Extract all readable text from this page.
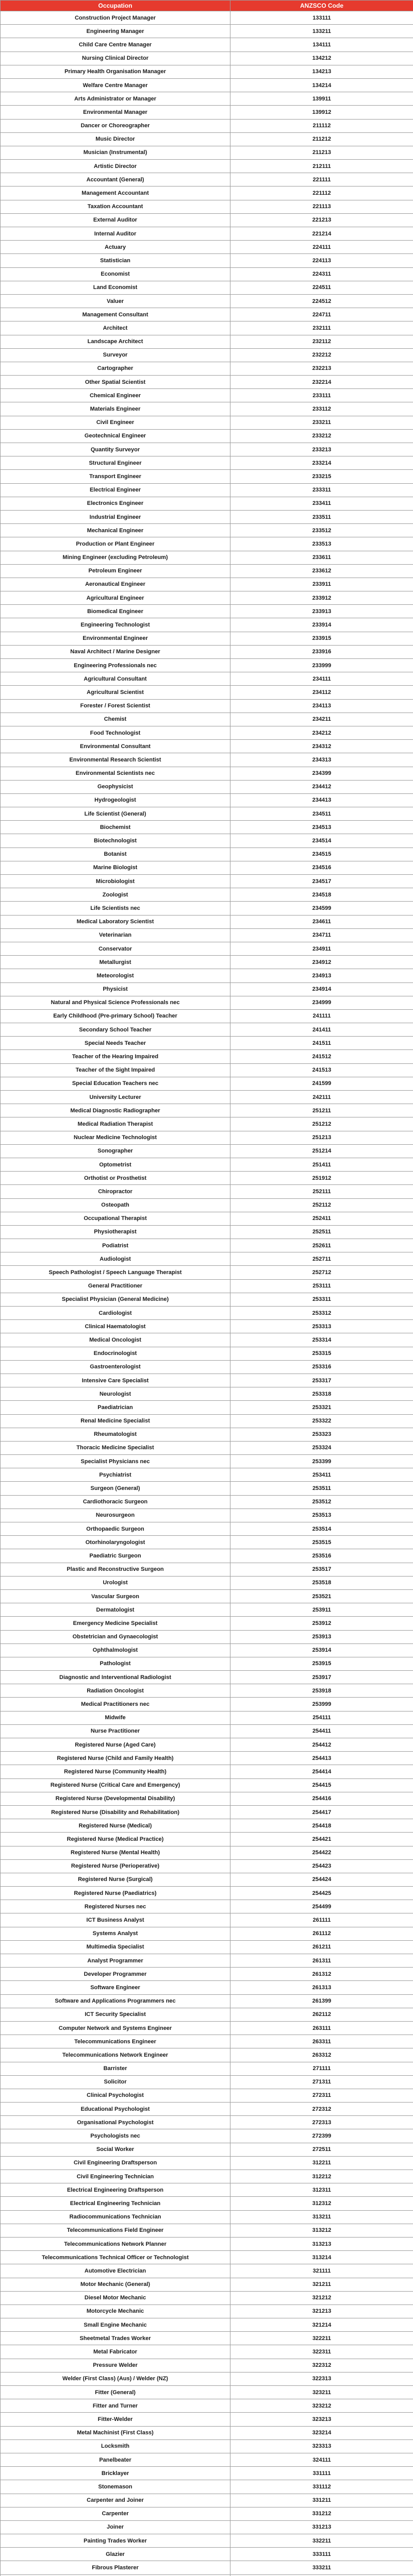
Occupation	ANZSCO Code
Construction Project Manager	133111
Engineering Manager	133211
Child Care Centre Manager	134111
Nursing Clinical Director	134212
Primary Health Organisation Manager	134213
Welfare Centre Manager	134214
Arts Administrator or Manager	139911
Environmental Manager	139912
Dancer or Choreographer	211112
Music Director	211212
Musician (Instrumental)	211213
Artistic Director	212111
Accountant (General)	221111
Management Accountant	221112
Taxation Accountant	221113
External Auditor	221213
Internal Auditor	221214
Actuary	224111
Statistician	224113
Economist	224311
Land Economist	224511
Valuer	224512
Management Consultant	224711
Architect	232111
Landscape Architect	232112
Surveyor	232212
Cartographer	232213
Other Spatial Scientist	232214
Chemical Engineer	233111
Materials Engineer	233112
Civil Engineer	233211
Geotechnical Engineer	233212
Quantity Surveyor	233213
Structural Engineer	233214
Transport Engineer	233215
Electrical Engineer	233311
Electronics Engineer	233411
Industrial Engineer	233511
Mechanical Engineer	233512
Production or Plant Engineer	233513
Mining Engineer (excluding Petroleum)	233611
Petroleum Engineer	233612
Aeronautical Engineer	233911
Agricultural Engineer	233912
Biomedical Engineer	233913
Engineering Technologist	233914
Environmental Engineer	233915
Naval Architect / Marine Designer	233916
Engineering Professionals nec	233999
Agricultural Consultant	234111
Agricultural Scientist	234112
Forester / Forest Scientist	234113
Chemist	234211
Food Technologist	234212
Environmental Consultant	234312
Environmental Research Scientist	234313
Environmental Scientists nec	234399
Geophysicist	234412
Hydrogeologist	234413
Life Scientist (General)	234511
Biochemist	234513
Biotechnologist	234514
Botanist	234515
Marine Biologist	234516
Microbiologist	234517
Zoologist	234518
Life Scientists nec	234599
Medical Laboratory Scientist	234611
Veterinarian	234711
Conservator	234911
Metallurgist	234912
Meteorologist	234913
Physicist	234914
Natural and Physical Science Professionals nec	234999
Early Childhood (Pre-primary School) Teacher	241111
Secondary School Teacher	241411
Special Needs Teacher	241511
Teacher of the Hearing Impaired	241512
Teacher of the Sight Impaired	241513
Special Education Teachers nec	241599
University Lecturer	242111
Medical Diagnostic Radiographer	251211
Medical Radiation Therapist	251212
Nuclear Medicine Technologist	251213
Sonographer	251214
Optometrist	251411
Orthotist or Prosthetist	251912
Chiropractor	252111
Osteopath	252112
Occupational Therapist	252411
Physiotherapist	252511
Podiatrist	252611
Audiologist	252711
Speech Pathologist / Speech Language Therapist	252712
General Practitioner	253111
Specialist Physician (General Medicine)	253311
Cardiologist	253312
Clinical Haematologist	253313
Medical Oncologist	253314
Endocrinologist	253315
Gastroenterologist	253316
Intensive Care Specialist	253317
Neurologist	253318
Paediatrician	253321
Renal Medicine Specialist	253322
Rheumatologist	253323
Thoracic Medicine Specialist	253324
Specialist Physicians nec	253399
Psychiatrist	253411
Surgeon (General)	253511
Cardiothoracic Surgeon	253512
Neurosurgeon	253513
Orthopaedic Surgeon	253514
Otorhinolaryngologist	253515
Paediatric Surgeon	253516
Plastic and Reconstructive Surgeon	253517
Urologist	253518
Vascular Surgeon	253521
Dermatologist	253911
Emergency Medicine Specialist	253912
Obstetrician and Gynaecologist	253913
Ophthalmologist	253914
Pathologist	253915
Diagnostic and Interventional Radiologist	253917
Radiation Oncologist	253918
Medical Practitioners nec	253999
Midwife	254111
Nurse Practitioner	254411
Registered Nurse (Aged Care)	254412
Registered Nurse (Child and Family Health)	254413
Registered Nurse (Community Health)	254414
Registered Nurse (Critical Care and Emergency)	254415
Registered Nurse (Developmental Disability)	254416
Registered Nurse (Disability and Rehabilitation)	254417
Registered Nurse (Medical)	254418
Registered Nurse (Medical Practice)	254421
Registered Nurse (Mental Health)	254422
Registered Nurse (Perioperative)	254423
Registered Nurse (Surgical)	254424
Registered Nurse (Paediatrics)	254425
Registered Nurses nec	254499
ICT Business Analyst	261111
Systems Analyst	261112
Multimedia Specialist	261211
Analyst Programmer	261311
Developer Programmer	261312
Software Engineer	261313
Software and Applications Programmers nec	261399
ICT Security Specialist	262112
Computer Network and Systems Engineer	263111
Telecommunications Engineer	263311
Telecommunications Network Engineer	263312
Barrister	271111
Solicitor	271311
Clinical Psychologist	272311
Educational Psychologist	272312
Organisational Psychologist	272313
Psychologists nec	272399
Social Worker	272511
Civil Engineering Draftsperson	312211
Civil Engineering Technician	312212
Electrical Engineering Draftsperson	312311
Electrical Engineering Technician	312312
Radiocommunications Technician	313211
Telecommunications Field Engineer	313212
Telecommunications Network Planner	313213
Telecommunications Technical Officer or Technologist	313214
Automotive Electrician	321111
Motor Mechanic (General)	321211
Diesel Motor Mechanic	321212
Motorcycle Mechanic	321213
Small Engine Mechanic	321214
Sheetmetal Trades Worker	322211
Metal Fabricator	322311
Pressure Welder	322312
Welder (First Class) (Aus) / Welder (NZ)	322313
Fitter (General)	323211
Fitter and Turner	323212
Fitter-Welder	323213
Metal Machinist (First Class)	323214
Locksmith	323313
Panelbeater	324111
Bricklayer	331111
Stonemason	331112
Carpenter and Joiner	331211
Carpenter	331212
Joiner	331213
Painting Trades Worker	332211
Glazier	333111
Fibrous Plasterer	333211
